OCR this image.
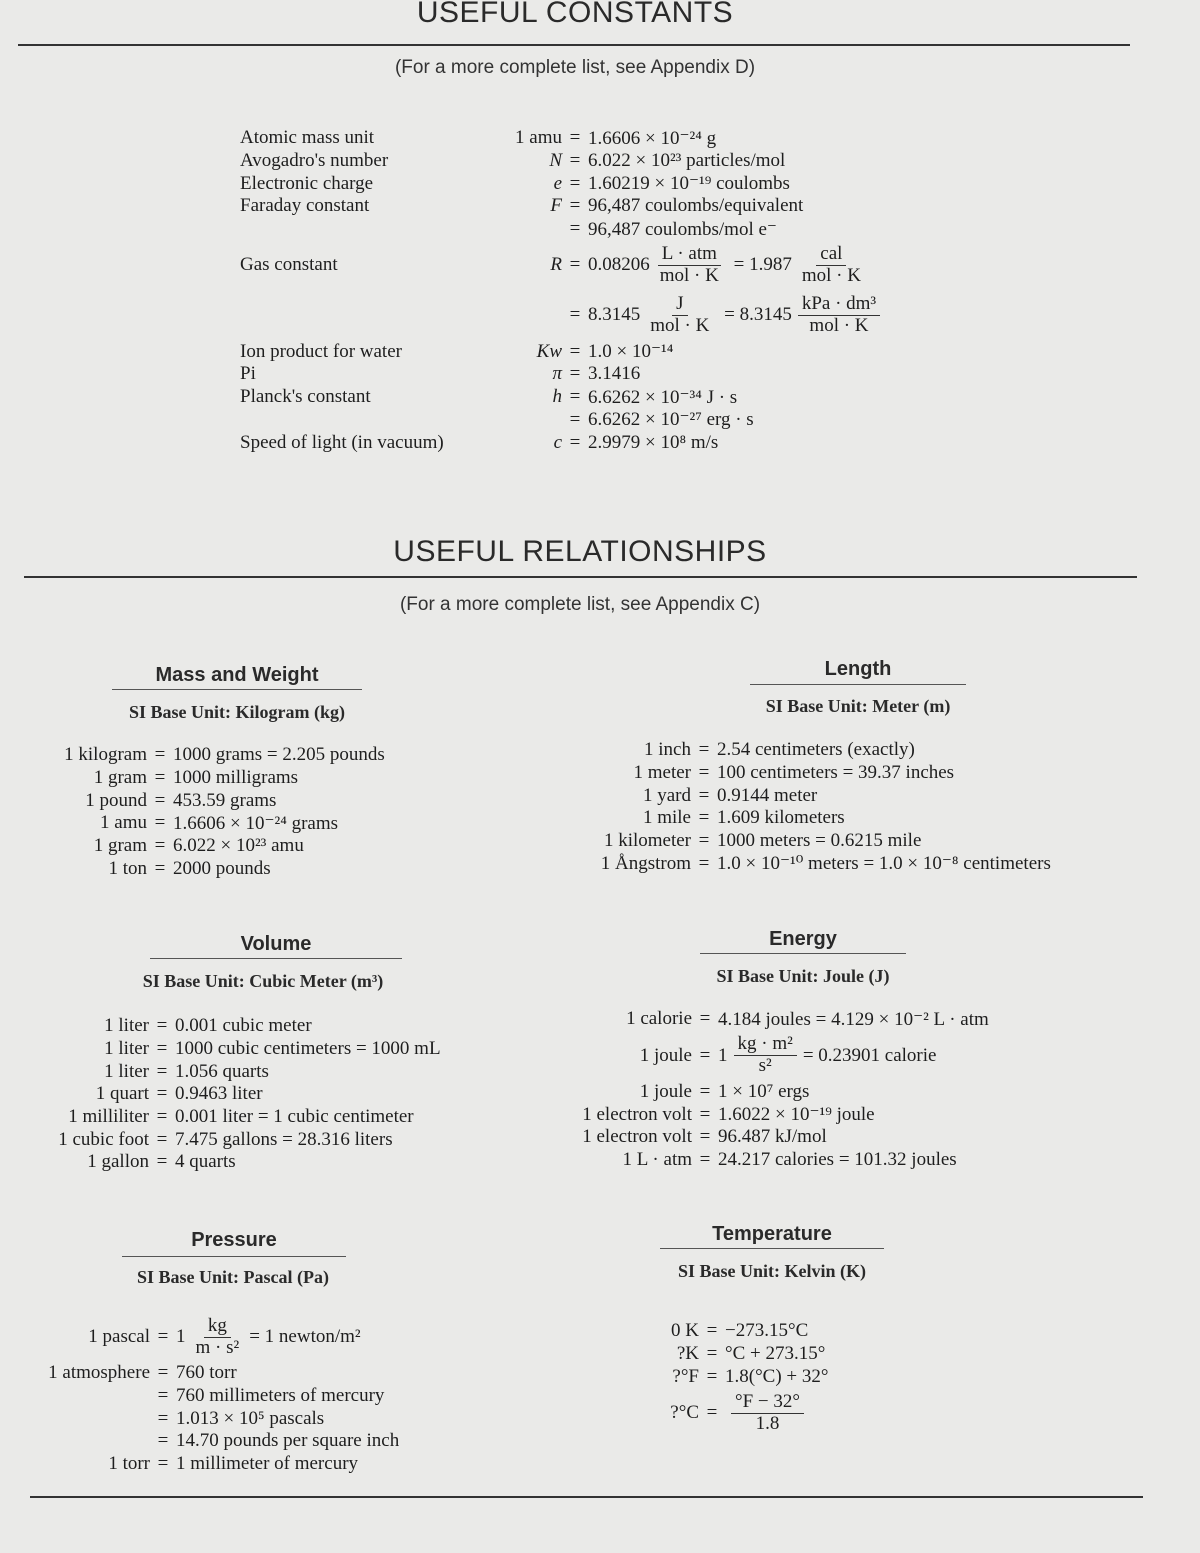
USEFUL CONSTANTS
(For a more complete list, see Appendix D)
Atomic mass unit	1 amu = 1.6606 × 10⁻²⁴ g
Avogadro's number	N = 6.022 × 10²³ particles/mol
Electronic charge	e = 1.60219 × 10⁻¹⁹ coulombs
Faraday constant	F = 96,487 coulombs/equivalent
= 96,487 coulombs/mol e⁻
Gas constant	$R = 0.08206 \frac{\text{L · atm}}{\text{mol · K}} = 1.987 \frac{\text{cal}}{\text{mol · K}}$
= $8.3145 \frac{J}{\text{mol · K}} = 8.3145 \frac{\text{kPa · dm³}}{\text{mol · K}}$
Ion product for water	Kw = 1.0 × 10⁻¹⁴
Pi	π = 3.1416
Planck's constant	h = 6.6262 × 10⁻³⁴ J · s
= 6.6262 × 10⁻²⁷ erg · s
Speed of light (in vacuum)	c = 2.9979 × 10⁸ m/s
USEFUL RELATIONSHIPS
(For a more complete list, see Appendix C)
Mass and Weight
SI Base Unit: Kilogram (kg)
1 kilogram = 1000 grams = 2.205 pounds
1 gram = 1000 milligrams
1 pound = 453.59 grams
1 amu = 1.6606 × 10⁻²⁴ grams
1 gram = 6.022 × 10²³ amu
1 ton = 2000 pounds
Length
SI Base Unit: Meter (m)
1 inch = 2.54 centimeters (exactly)
1 meter = 100 centimeters = 39.37 inches
1 yard = 0.9144 meter
1 mile = 1.609 kilometers
1 kilometer = 1000 meters = 0.6215 mile
1 Ångstrom = 1.0 × 10⁻¹⁰ meters = 1.0 × 10⁻⁸ centimeters
Volume
SI Base Unit: Cubic Meter (m³)
1 liter = 0.001 cubic meter
1 liter = 1000 cubic centimeters = 1000 mL
1 liter = 1.056 quarts
1 quart = 0.9463 liter
1 milliliter = 0.001 liter = 1 cubic centimeter
1 cubic foot = 7.475 gallons = 28.316 liters
1 gallon = 4 quarts
Energy
SI Base Unit: Joule (J)
1 calorie = 4.184 joules = 4.129 × 10⁻² L · atm
1 joule = $1 \frac{\text{kg · m²}}{\text{s²}} = 0.23901$ calorie
1 joule = 1 × 10⁷ ergs
1 electron volt = 1.6022 × 10⁻¹⁹ joule
1 electron volt = 96.487 kJ/mol
1 L · atm = 24.217 calories = 101.32 joules
Pressure
SI Base Unit: Pascal (Pa)
1 pascal = $1 \frac{kg}{\text{m · s²}} = 1$ newton/m²
1 atmosphere = 760 torr
= 760 millimeters of mercury
= 1.013 × 10⁵ pascals
= 14.70 pounds per square inch
1 torr = 1 millimeter of mercury
Temperature
SI Base Unit: Kelvin (K)
0 K = −273.15°C
?K = °C + 273.15°
?°F = 1.8(°C) + 32°
?°C = $\frac{^\circ F - 32^\circ}{1.8}$
